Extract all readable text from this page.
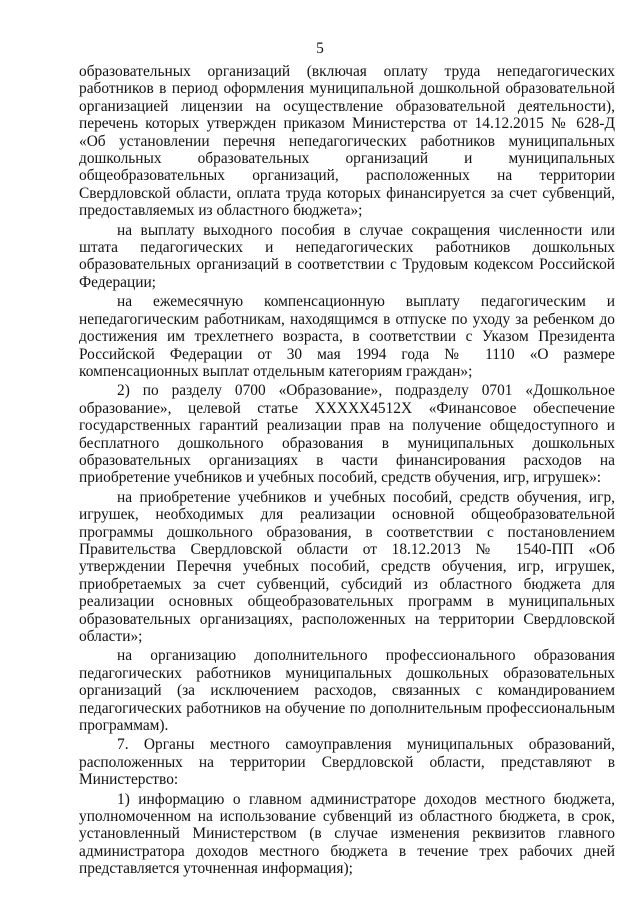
5

образовательных организаций (включая оплату труда непедагогических работников в период оформления муниципальной дошкольной образовательной организацией лицензии на осуществление образовательной деятельности), перечень которых утвержден приказом Министерства от 14.12.2015 № 628-Д «Об установлении перечня непедагогических работников муниципальных дошкольных образовательных организаций и муниципальных общеобразовательных организаций, расположенных на территории Свердловской области, оплата труда которых финансируется за счет субвенций, предоставляемых из областного бюджета»;

на выплату выходного пособия в случае сокращения численности или штата педагогических и непедагогических работников дошкольных образовательных организаций в соответствии с Трудовым кодексом Российской Федерации;

на ежемесячную компенсационную выплату педагогическим и непедагогическим работникам, находящимся в отпуске по уходу за ребенком до достижения им трехлетнего возраста, в соответствии с Указом Президента Российской Федерации от 30 мая 1994 года № 1110 «О размере компенсационных выплат отдельным категориям граждан»;

2) по разделу 0700 «Образование», подразделу 0701 «Дошкольное образование», целевой статье ХХХХХ4512Х «Финансовое обеспечение государственных гарантий реализации прав на получение общедоступного и бесплатного дошкольного образования в муниципальных дошкольных образовательных организациях в части финансирования расходов на приобретение учебников и учебных пособий, средств обучения, игр, игрушек»:

на приобретение учебников и учебных пособий, средств обучения, игр, игрушек, необходимых для реализации основной общеобразовательной программы дошкольного образования, в соответствии с постановлением Правительства Свердловской области от 18.12.2013 № 1540-ПП «Об утверждении Перечня учебных пособий, средств обучения, игр, игрушек, приобретаемых за счет субвенций, субсидий из областного бюджета для реализации основных общеобразовательных программ в муниципальных образовательных организациях, расположенных на территории Свердловской области»;

на организацию дополнительного профессионального образования педагогических работников муниципальных дошкольных образовательных организаций (за исключением расходов, связанных с командированием педагогических работников на обучение по дополнительным профессиональным программам).

7. Органы местного самоуправления муниципальных образований, расположенных на территории Свердловской области, представляют в Министерство:

1) информацию о главном администраторе доходов местного бюджета, уполномоченном на использование субвенций из областного бюджета, в срок, установленный Министерством (в случае изменения реквизитов главного администратора доходов местного бюджета в течение трех рабочих дней представляется уточненная информация);
